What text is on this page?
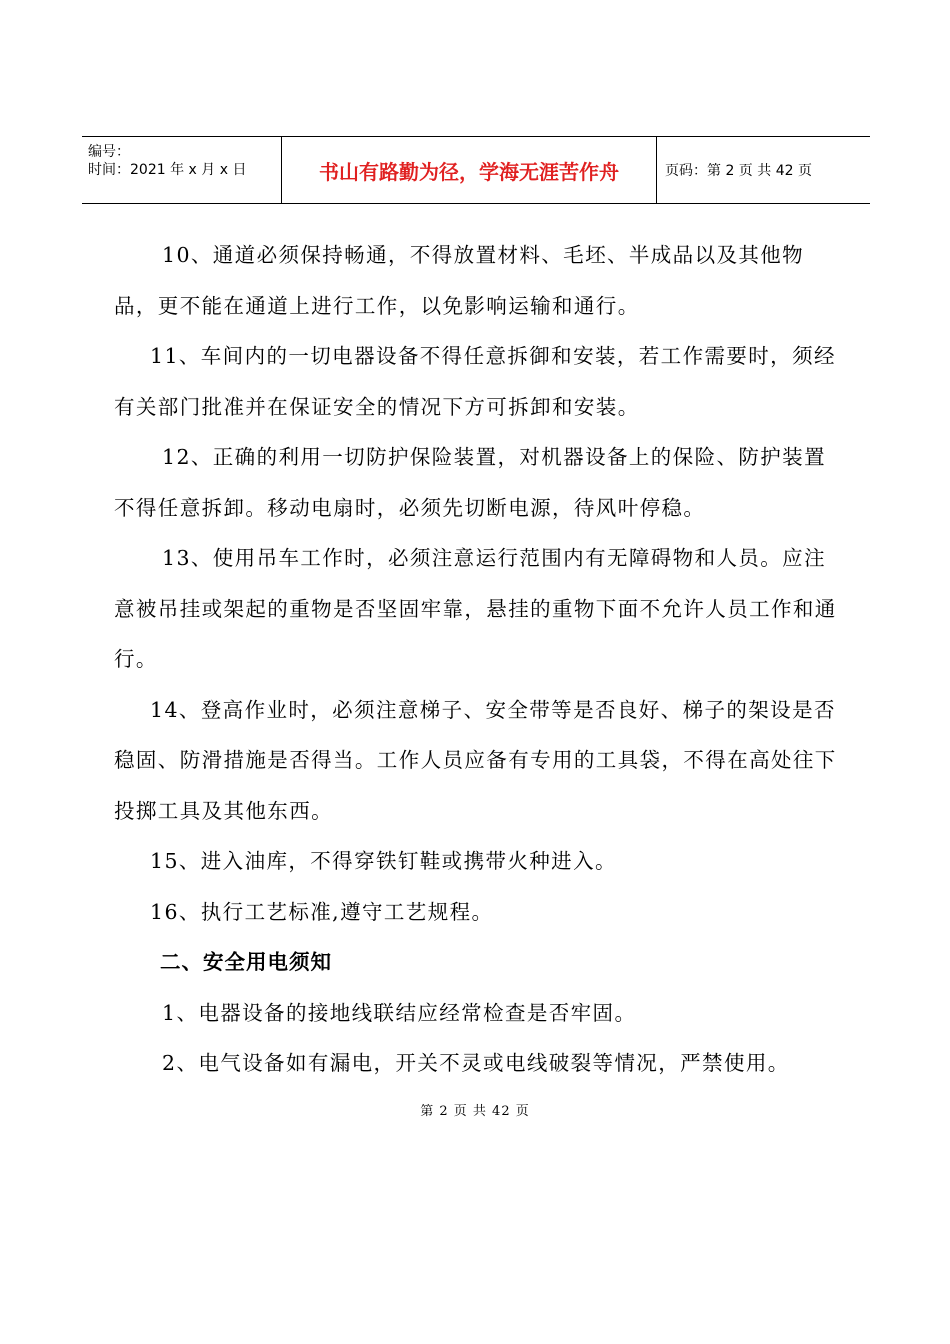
编号：
时间：2021 年 x 月 x 日	书山有路勤为径，学海无涯苦作舟	页码：第 2 页 共 42 页

10、通道必须保持畅通，不得放置材料、毛坯、半成品以及其他物品，更不能在通道上进行工作，以免影响运输和通行。

11、车间内的一切电器设备不得任意拆御和安装，若工作需要时，须经有关部门批准并在保证安全的情况下方可拆卸和安装。

12、正确的利用一切防护保险装置，对机器设备上的保险、防护装置不得任意拆卸。移动电扇时，必须先切断电源，待风叶停稳。

13、使用吊车工作时，必须注意运行范围内有无障碍物和人员。应注意被吊挂或架起的重物是否坚固牢靠，悬挂的重物下面不允许人员工作和通行。

14、登高作业时，必须注意梯子、安全带等是否良好、梯子的架设是否稳固、防滑措施是否得当。工作人员应备有专用的工具袋，不得在高处往下投掷工具及其他东西。

15、进入油库，不得穿铁钉鞋或携带火种进入。

16、执行工艺标准,遵守工艺规程。

二、安全用电须知

1、电器设备的接地线联结应经常检查是否牢固。

2、电气设备如有漏电，开关不灵或电线破裂等情况，严禁使用。

第 2 页 共 42 页
